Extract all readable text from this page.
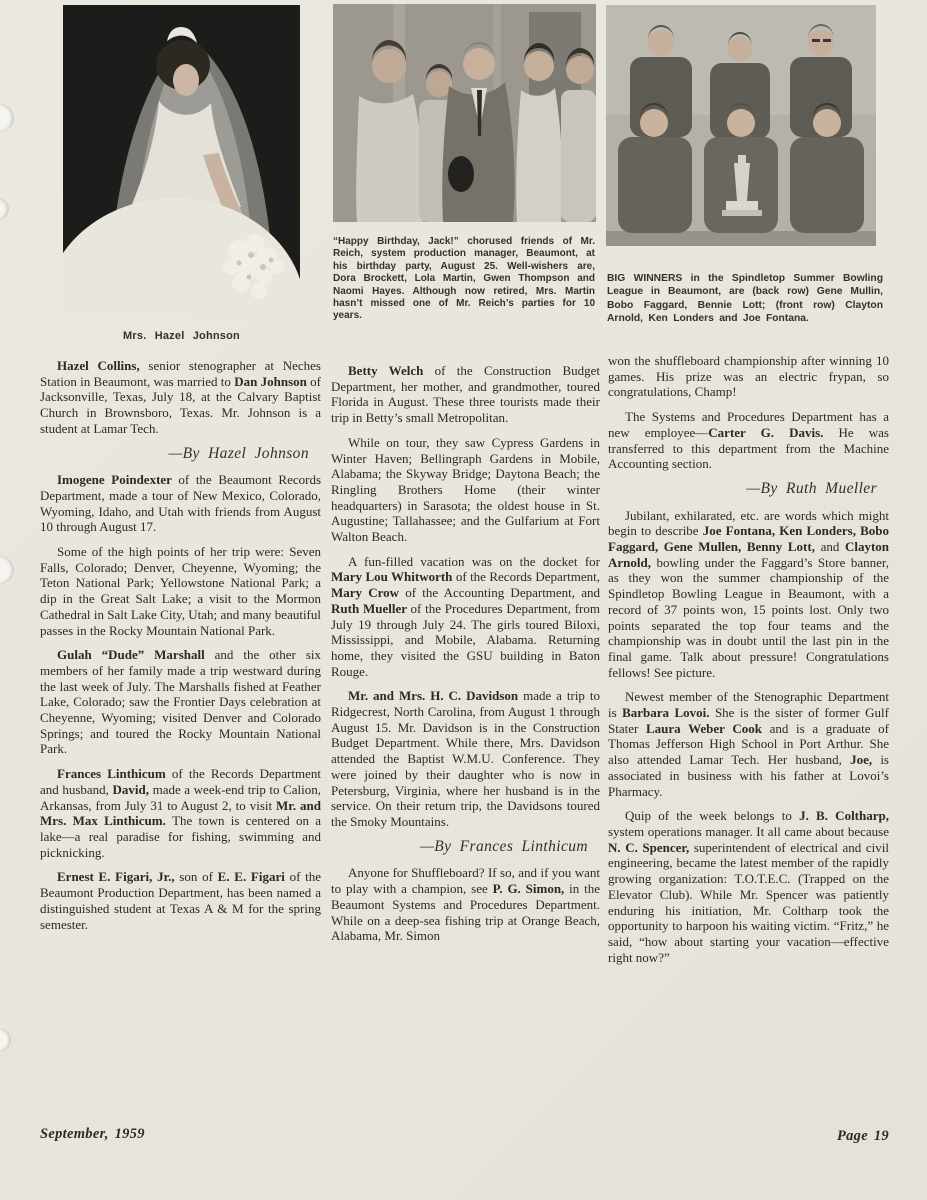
Mrs. Hazel Johnson
“Happy Birthday, Jack!” chorused friends of Mr. Reich, system production manager, Beaumont, at his birthday party, August 25. Well-wishers are, Dora Brockett, Lola Martin, Gwen Thompson and Naomi Hayes. Although now retired, Mrs. Martin hasn’t missed one of Mr. Reich’s parties for 10 years.
BIG WINNERS in the Spindletop Summer Bowling League in Beaumont, are (back row) Gene Mullin, Bobo Faggard, Bennie Lott; (front row) Clayton Arnold, Ken Londers and Joe Fontana.

Hazel Collins, senior stenographer at Neches Station in Beaumont, was married to Dan Johnson of Jacksonville, Texas, July 18, at the Calvary Baptist Church in Brownsboro, Texas. Mr. Johnson is a student at Lamar Tech.

—By Hazel Johnson

Imogene Poindexter of the Beaumont Records Department, made a tour of New Mexico, Colorado, Wyoming, Idaho, and Utah with friends from August 10 through August 17.

Some of the high points of her trip were: Seven Falls, Colorado; Denver, Cheyenne, Wyoming; the Teton National Park; Yellowstone National Park; a dip in the Great Salt Lake; a visit to the Mormon Cathedral in Salt Lake City, Utah; and many beautiful passes in the Rocky Mountain National Park.

Gulah “Dude” Marshall and the other six members of her family made a trip westward during the last week of July. The Marshalls fished at Feather Lake, Colorado; saw the Frontier Days celebration at Cheyenne, Wyoming; visited Denver and Colorado Springs; and toured the Rocky Mountain National Park.

Frances Linthicum of the Records Department and husband, David, made a week-end trip to Calion, Arkansas, from July 31 to August 2, to visit Mr. and Mrs. Max Linthicum. The town is centered on a lake—a real paradise for fishing, swimming and picknicking.

Ernest E. Figari, Jr., son of E. E. Figari of the Beaumont Production Department, has been named a distinguished student at Texas A & M for the spring semester.

Betty Welch of the Construction Budget Department, her mother, and grandmother, toured Florida in August. These three tourists made their trip in Betty’s small Metropolitan.

While on tour, they saw Cypress Gardens in Winter Haven; Bellingraph Gardens in Mobile, Alabama; the Skyway Bridge; Daytona Beach; the Ringling Brothers Home (their winter headquarters) in Sarasota; the oldest house in St. Augustine; Tallahassee; and the Gulfarium at Fort Walton Beach.

A fun-filled vacation was on the docket for Mary Lou Whitworth of the Records Department, Mary Crow of the Accounting Department, and Ruth Mueller of the Procedures Department, from July 19 through July 24. The girls toured Biloxi, Mississippi, and Mobile, Alabama. Returning home, they visited the GSU building in Baton Rouge.

Mr. and Mrs. H. C. Davidson made a trip to Ridgecrest, North Carolina, from August 1 through August 15. Mr. Davidson is in the Construction Budget Department. While there, Mrs. Davidson attended the Baptist W.M.U. Conference. They were joined by their daughter who is now in Petersburg, Virginia, where her husband is in the service. On their return trip, the Davidsons toured the Smoky Mountains.

—By Frances Linthicum

Anyone for Shuffleboard? If so, and if you want to play with a champion, see P. G. Simon, in the Beaumont Systems and Procedures Department. While on a deep-sea fishing trip at Orange Beach, Alabama, Mr. Simon

won the shuffleboard championship after winning 10 games. His prize was an electric frypan, so congratulations, Champ!

The Systems and Procedures Department has a new employee—Carter G. Davis. He was transferred to this department from the Machine Accounting section.

—By Ruth Mueller

Jubilant, exhilarated, etc. are words which might begin to describe Joe Fontana, Ken Londers, Bobo Faggard, Gene Mullen, Benny Lott, and Clayton Arnold, bowling under the Faggard’s Store banner, as they won the summer championship of the Spindletop Bowling League in Beaumont, with a record of 37 points won, 15 points lost. Only two points separated the top four teams and the championship was in doubt until the last pin in the final game. Talk about pressure! Congratulations fellows! See picture.

Newest member of the Stenographic Department is Barbara Lovoi. She is the sister of former Gulf Stater Laura Weber Cook and is a graduate of Thomas Jefferson High School in Port Arthur. She also attended Lamar Tech. Her husband, Joe, is associated in business with his father at Lovoi’s Pharmacy.

Quip of the week belongs to J. B. Coltharp, system operations manager. It all came about because N. C. Spencer, superintendent of electrical and civil engineering, became the latest member of the rapidly growing organization: T.O.T.E.C. (Trapped on the Elevator Club). While Mr. Spencer was patiently enduring his initiation, Mr. Coltharp took the opportunity to harpoon his waiting victim. “Fritz,” he said, “how about starting your vacation—effective right now?”

September, 1959	Page 19
